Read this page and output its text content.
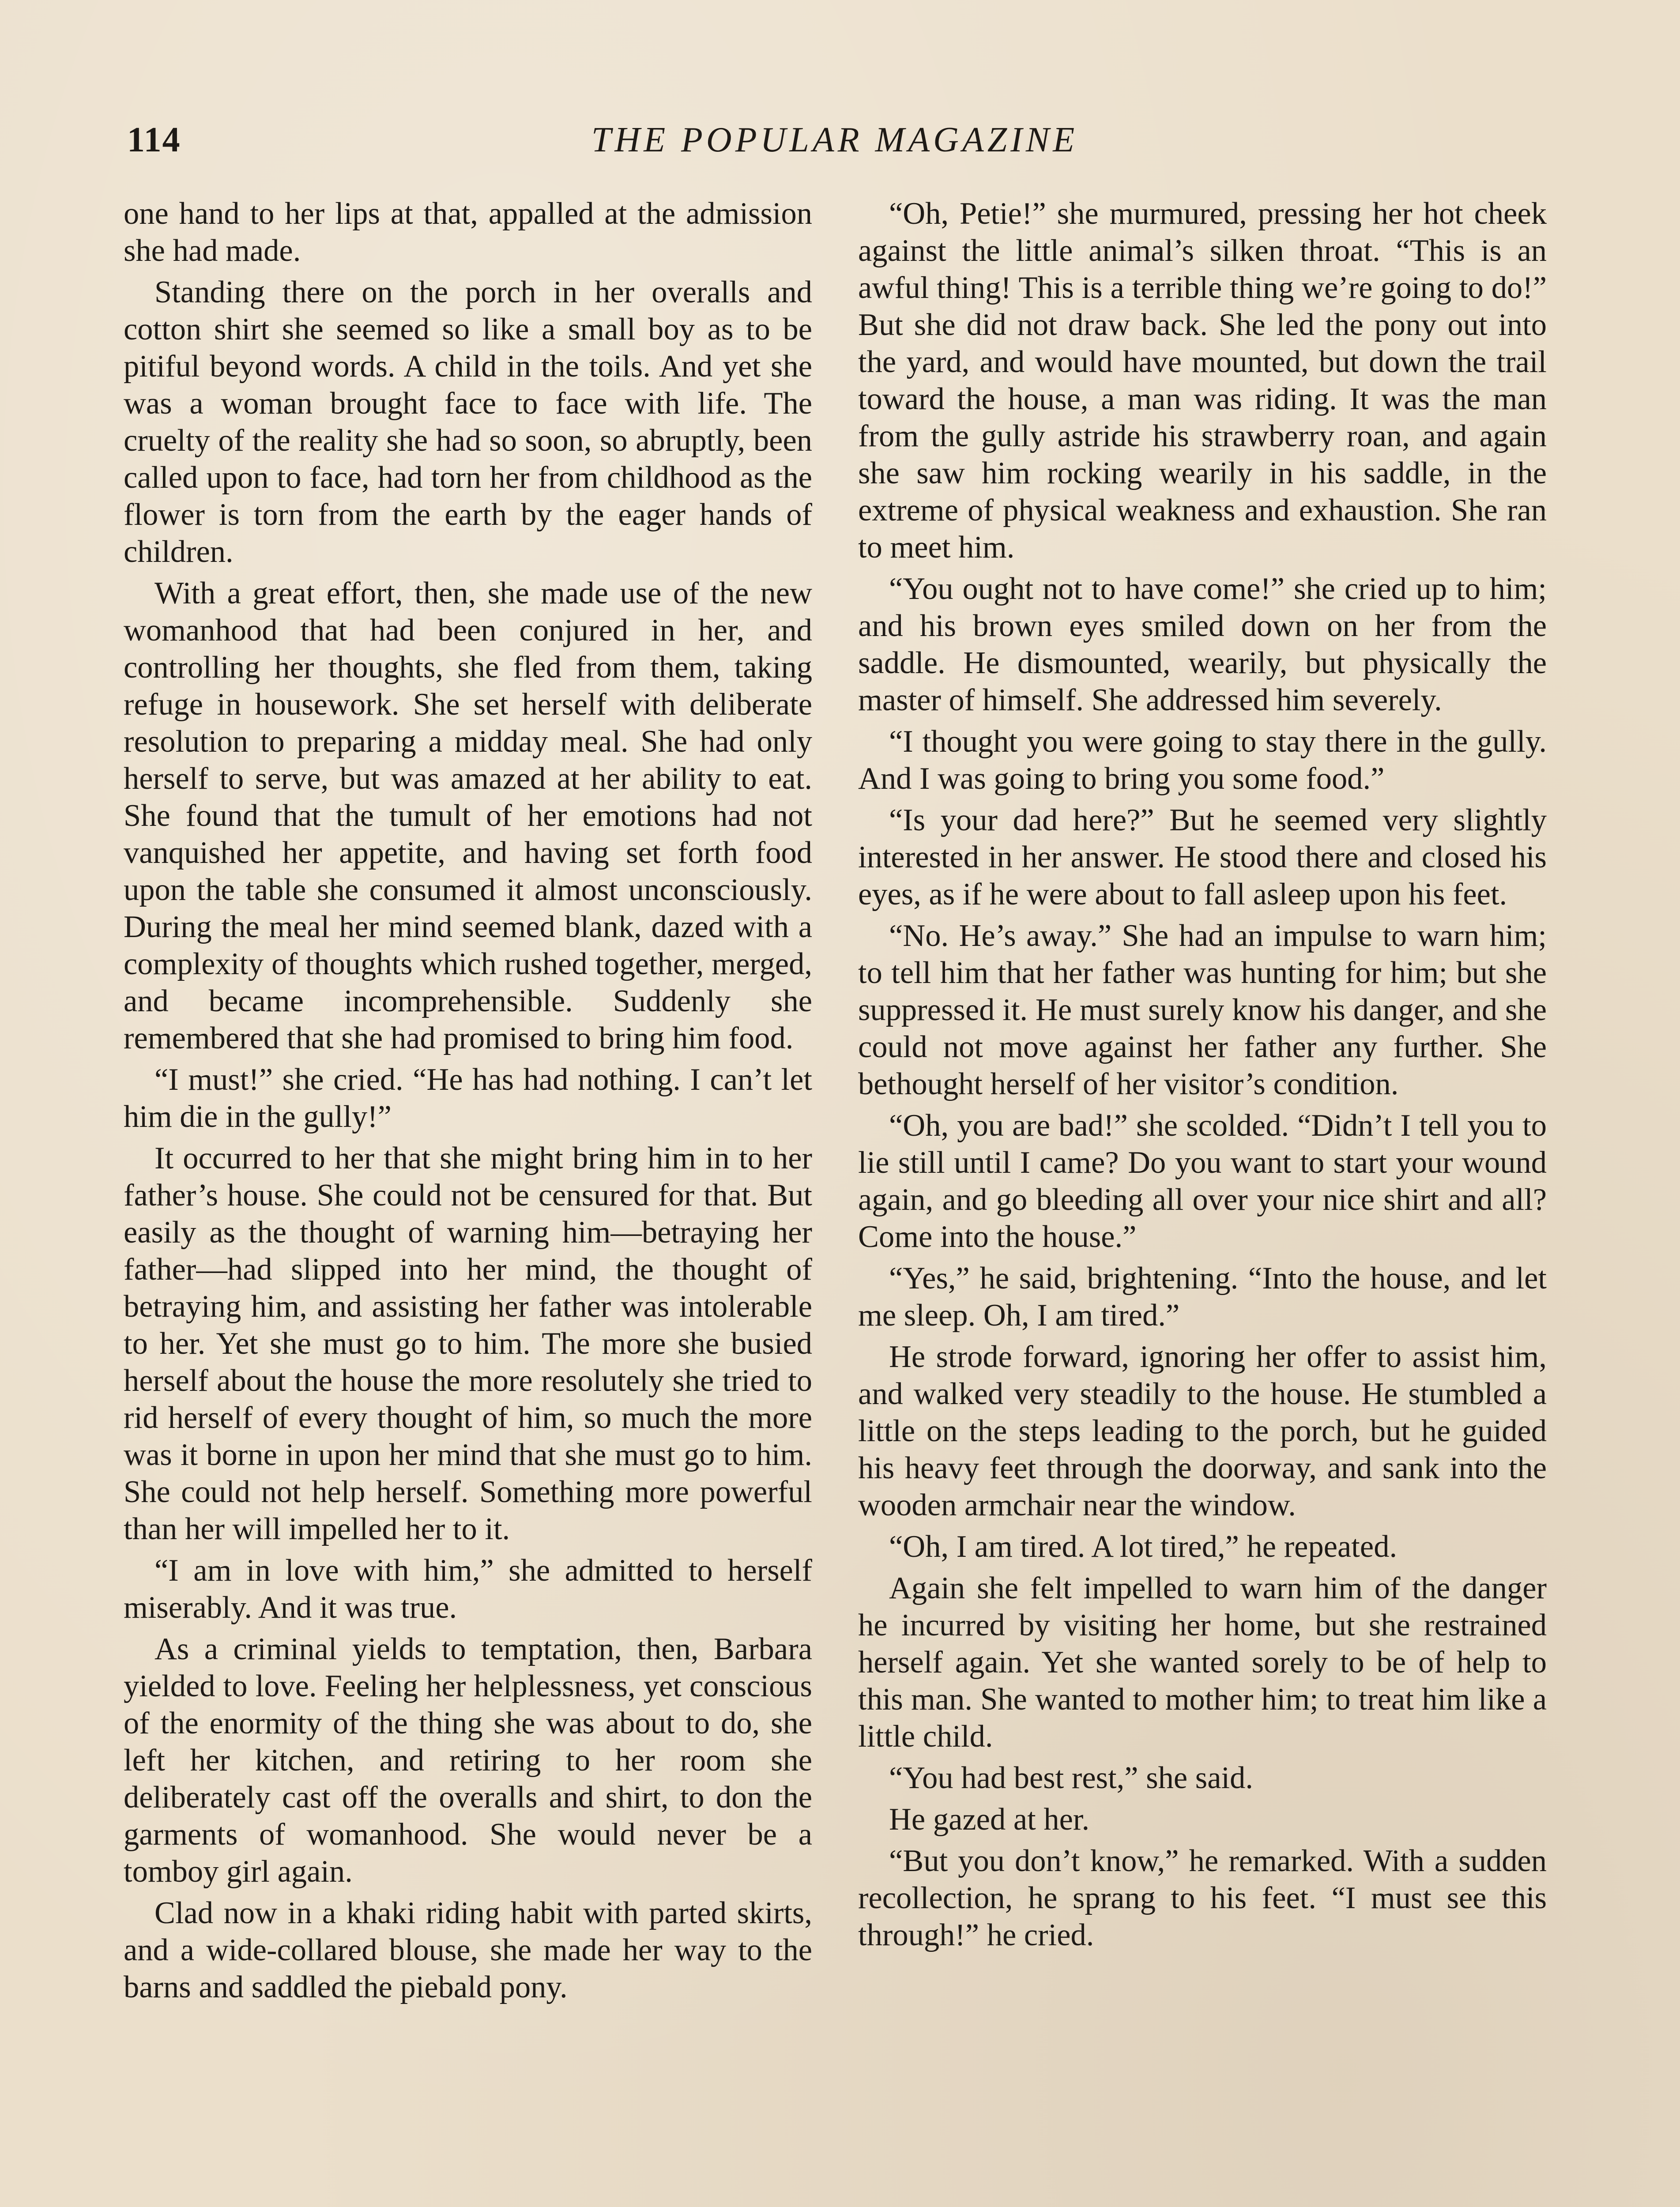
114	THE POPULAR MAGAZINE

one hand to her lips at that, appalled at the admission she had made.

Standing there on the porch in her overalls and cotton shirt she seemed so like a small boy as to be pitiful beyond words. A child in the toils. And yet she was a woman brought face to face with life. The cruelty of the reality she had so soon, so abruptly, been called upon to face, had torn her from childhood as the flower is torn from the earth by the eager hands of children.

With a great effort, then, she made use of the new womanhood that had been conjured in her, and controlling her thoughts, she fled from them, taking refuge in housework. She set herself with deliberate resolution to preparing a midday meal. She had only herself to serve, but was amazed at her ability to eat. She found that the tumult of her emotions had not vanquished her appetite, and having set forth food upon the table she consumed it almost unconsciously. During the meal her mind seemed blank, dazed with a complexity of thoughts which rushed together, merged, and became incomprehensible. Suddenly she remembered that she had promised to bring him food.

“I must!” she cried. “He has had nothing. I can’t let him die in the gully!”

It occurred to her that she might bring him in to her father’s house. She could not be censured for that. But easily as the thought of warning him—betraying her father—had slipped into her mind, the thought of betraying him, and assisting her father was intolerable to her. Yet she must go to him. The more she busied herself about the house the more resolutely she tried to rid herself of every thought of him, so much the more was it borne in upon her mind that she must go to him. She could not help herself. Something more powerful than her will impelled her to it.

“I am in love with him,” she admitted to herself miserably. And it was true.

As a criminal yields to temptation, then, Barbara yielded to love. Feeling her helplessness, yet conscious of the enormity of the thing she was about to do, she left her kitchen, and retiring to her room she deliberately cast off the overalls and shirt, to don the garments of womanhood. She would never be a tomboy girl again.

Clad now in a khaki riding habit with parted skirts, and a wide-collared blouse, she made her way to the barns and saddled the piebald pony.

“Oh, Petie!” she murmured, pressing her hot cheek against the little animal’s silken throat. “This is an awful thing! This is a terrible thing we’re going to do!” But she did not draw back. She led the pony out into the yard, and would have mounted, but down the trail toward the house, a man was riding. It was the man from the gully astride his strawberry roan, and again she saw him rocking wearily in his saddle, in the extreme of physical weakness and exhaustion. She ran to meet him.

“You ought not to have come!” she cried up to him; and his brown eyes smiled down on her from the saddle. He dismounted, wearily, but physically the master of himself. She addressed him severely.

“I thought you were going to stay there in the gully. And I was going to bring you some food.”

“Is your dad here?” But he seemed very slightly interested in her answer. He stood there and closed his eyes, as if he were about to fall asleep upon his feet.

“No. He’s away.” She had an impulse to warn him; to tell him that her father was hunting for him; but she suppressed it. He must surely know his danger, and she could not move against her father any further. She bethought herself of her visitor’s condition.

“Oh, you are bad!” she scolded. “Didn’t I tell you to lie still until I came? Do you want to start your wound again, and go bleeding all over your nice shirt and all? Come into the house.”

“Yes,” he said, brightening. “Into the house, and let me sleep. Oh, I am tired.”

He strode forward, ignoring her offer to assist him, and walked very steadily to the house. He stumbled a little on the steps leading to the porch, but he guided his heavy feet through the doorway, and sank into the wooden armchair near the window.

“Oh, I am tired. A lot tired,” he repeated.

Again she felt impelled to warn him of the danger he incurred by visiting her home, but she restrained herself again. Yet she wanted sorely to be of help to this man. She wanted to mother him; to treat him like a little child.

“You had best rest,” she said.

He gazed at her.

“But you don’t know,” he remarked. With a sudden recollection, he sprang to his feet. “I must see this through!” he cried.
